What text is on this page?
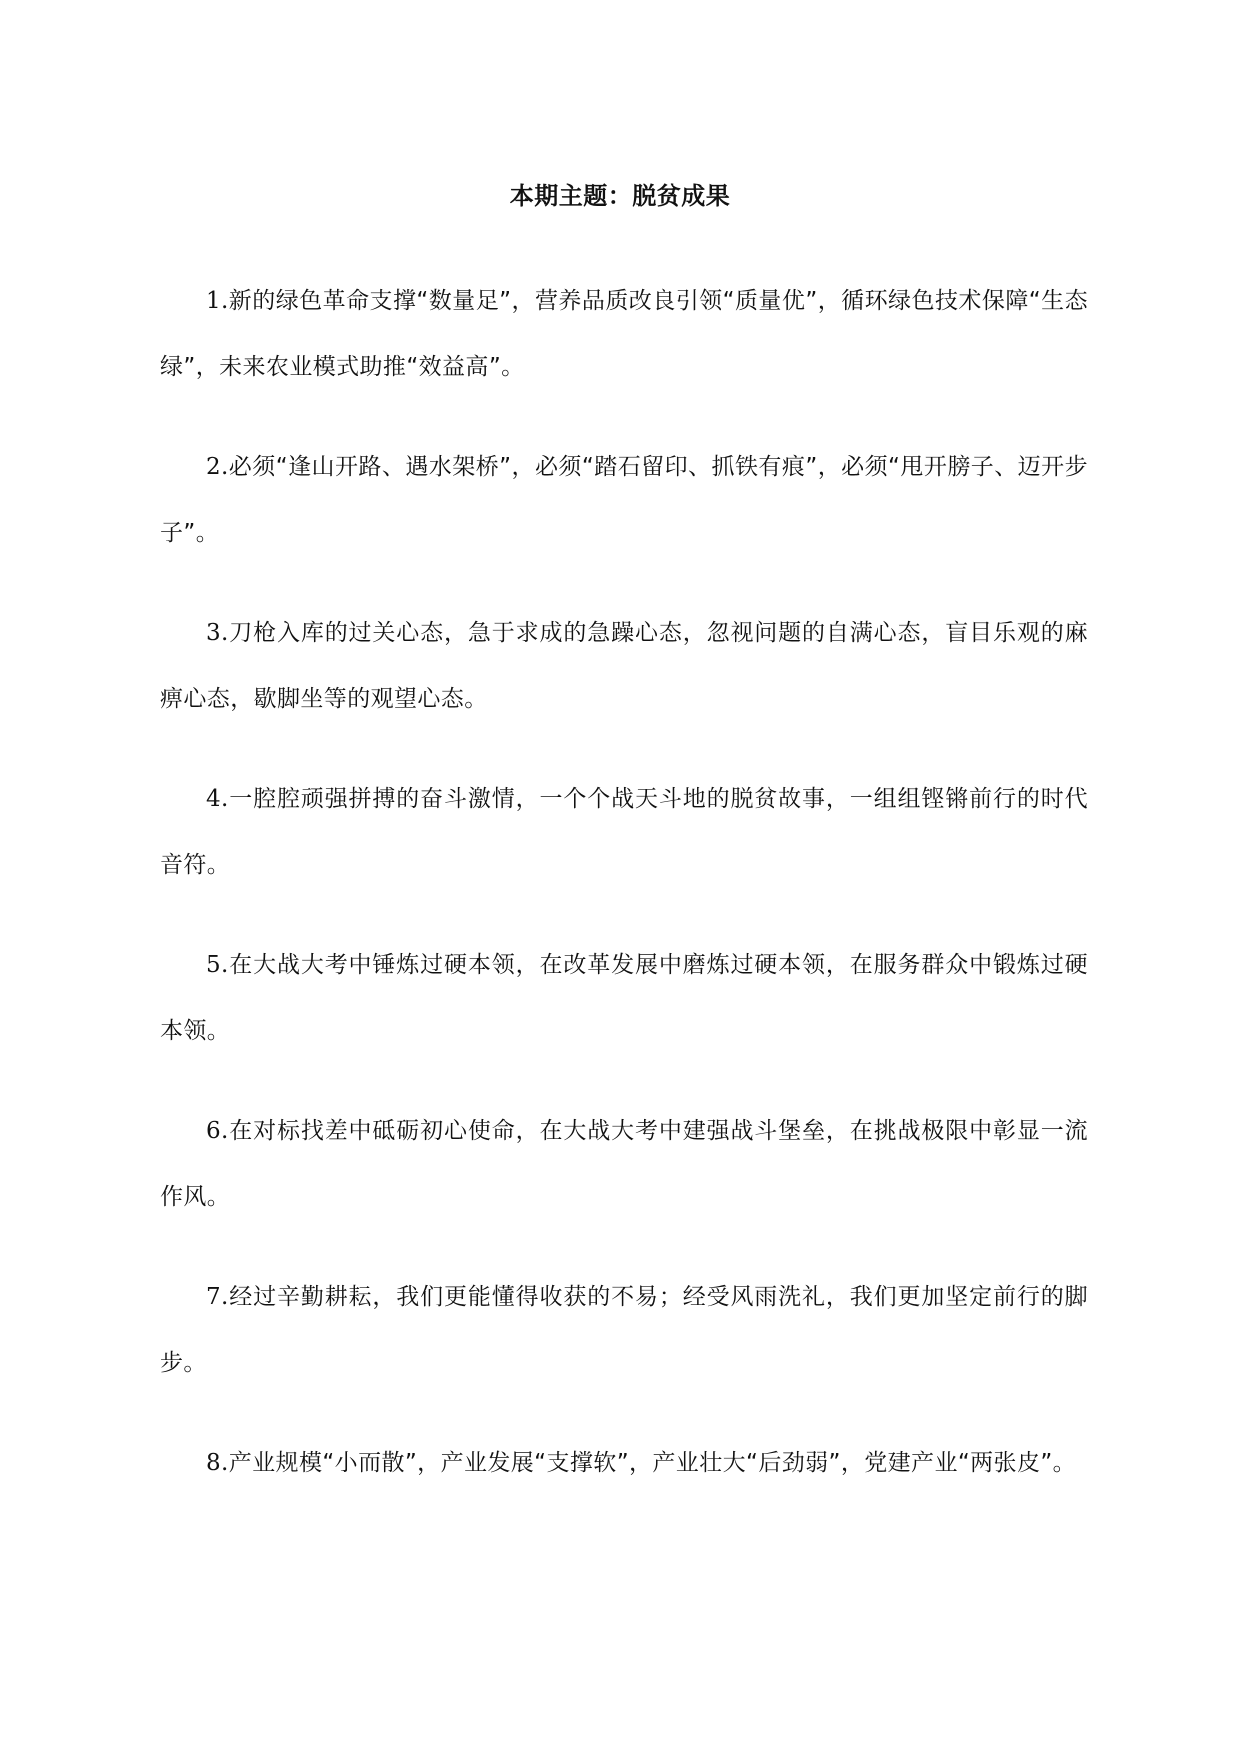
本期主题：脱贫成果

1.新的绿色革命支撑“数量足”，营养品质改良引领“质量优”，循环绿色技术保障“生态绿”，未来农业模式助推“效益高”。

2.必须“逢山开路、遇水架桥”，必须“踏石留印、抓铁有痕”，必须“甩开膀子、迈开步子”。

3.刀枪入库的过关心态，急于求成的急躁心态，忽视问题的自满心态，盲目乐观的麻痹心态，歇脚坐等的观望心态。

4.一腔腔顽强拼搏的奋斗激情，一个个战天斗地的脱贫故事，一组组铿锵前行的时代音符。

5.在大战大考中锤炼过硬本领，在改革发展中磨炼过硬本领，在服务群众中锻炼过硬本领。

6.在对标找差中砥砺初心使命，在大战大考中建强战斗堡垒，在挑战极限中彰显一流作风。

7.经过辛勤耕耘，我们更能懂得收获的不易；经受风雨洗礼，我们更加坚定前行的脚步。

8.产业规模“小而散”，产业发展“支撑软”，产业壮大“后劲弱”，党建产业“两张皮”。
